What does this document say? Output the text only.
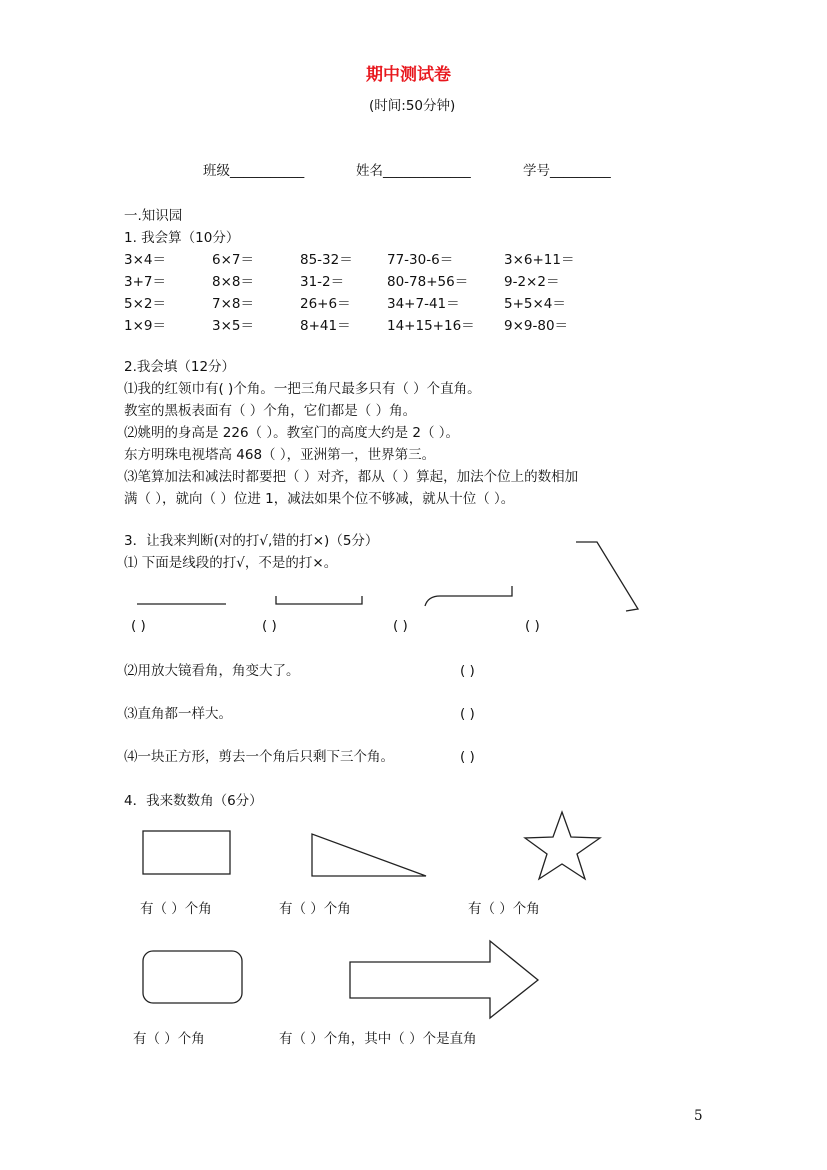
期中测试卷
(时间:50分钟)
班级___________	姓名_____________	学号_________
一.知识园
1. 我会算（10分）
3×4＝	6×7＝	85-32＝	77-30-6＝	3×6+11＝
3+7＝	8×8＝	31-2＝	80-78+56＝	9-2×2＝
5×2＝	7×8＝	26+6＝	34+7-41＝	5+5×4＝
1×9＝	3×5＝	8+41＝	14+15+16＝ 9×9-80＝
2.我会填（12分）
⑴我的红领巾有( )个角。一把三角尺最多只有（ ）个直角。
教室的黑板表面有（ ）个角，它们都是（ ）角。
⑵姚明的身高是 226（ ）。教室门的高度大约是 2（ ）。
东方明珠电视塔高 468（ ），亚洲第一，世界第三。
⑶笔算加法和减法时都要把（ ）对齐，都从（ ）算起，加法个位上的数相加
满（ ），就向（ ）位进 1，减法如果个位不够减，就从十位（ ）。
3．让我来判断(对的打√,错的打×)（5分）
⑴ 下面是线段的打√，不是的打×。
( )	( )	( )	( )
⑵用放大镜看角，角变大了。	( )
⑶直角都一样大。	( )
⑷一块正方形，剪去一个角后只剩下三个角。	( )
4．我来数数角（6分）
有（ ）个角	有（ ）个角	有（ ）个角
有（ ）个角	有（ ）个角，其中（ ）个是直角
5
